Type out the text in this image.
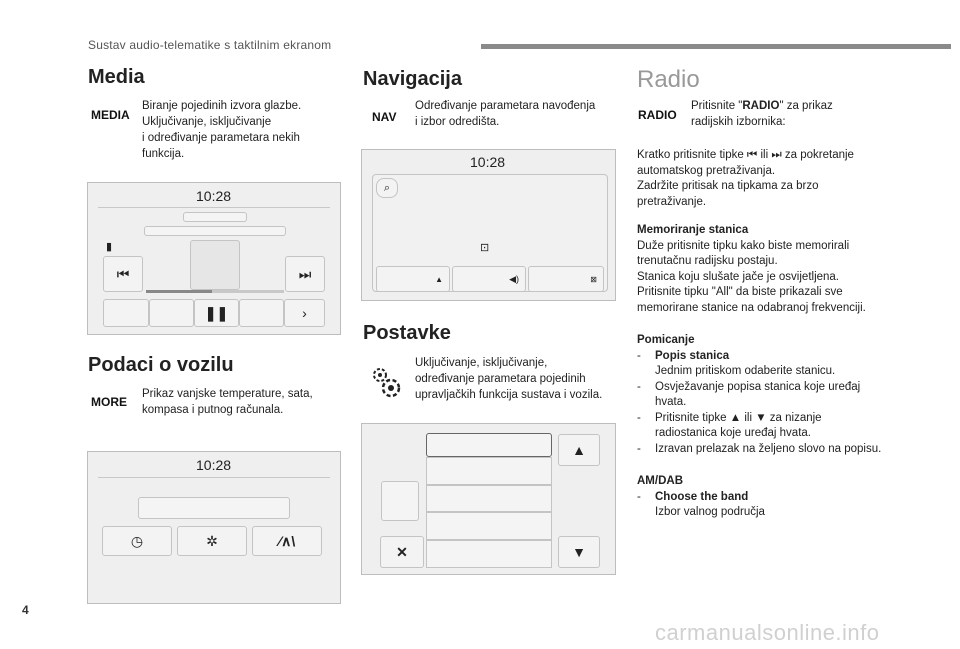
Sustav audio-telematike s taktilnim ekranom
Media
MEDIA
Biranje pojedinih izvora glazbe.
Uključivanje, isključivanje
i određivanje parametara nekih
funkcija.
10:28
▮
⏮	⏭
❚❚	›
Podaci o vozilu
MORE
Prikaz vanjske temperature, sata,
kompasa i putnog računala.
10:28
◷	✲	⁄∧\
Navigacija
NAV
Određivanje parametara navođenja
i izbor odredišta.
10:28
⌕
⊡
▲	◀)	⊠
Postavke
Uključivanje, isključivanje,
određivanje parametara pojedinih
upravljačkih funkcija sustava i vozila.
▲
▼
✕
Radio
RADIO
Pritisnite "RADIO" za prikaz
radijskih izbornika:
Kratko pritisnite tipke ⏮ ili ⏭ za pokretanje
automatskog pretraživanja.
Zadržite pritisak na tipkama za brzo
pretraživanje.
Memoriranje stanica
Duže pritisnite tipku kako biste memorirali
trenutačnu radijsku postaju.
Stanica koju slušate jače je osvijetljena.
Pritisnite tipku "All" da biste prikazali sve
memorirane stanice na odabranoj frekvenciji.
Pomicanje
-	Popis stanica
Jednim pritiskom odaberite stanicu.
-	Osvježavanje popisa stanica koje uređaj
hvata.
-	Pritisnite tipke ▲ ili ▼ za nizanje
radiostanica koje uređaj hvata.
-	Izravan prelazak na željeno slovo na popisu.
AM/DAB
-	Choose the band
Izbor valnog područja
4
carmanualsonline.info
